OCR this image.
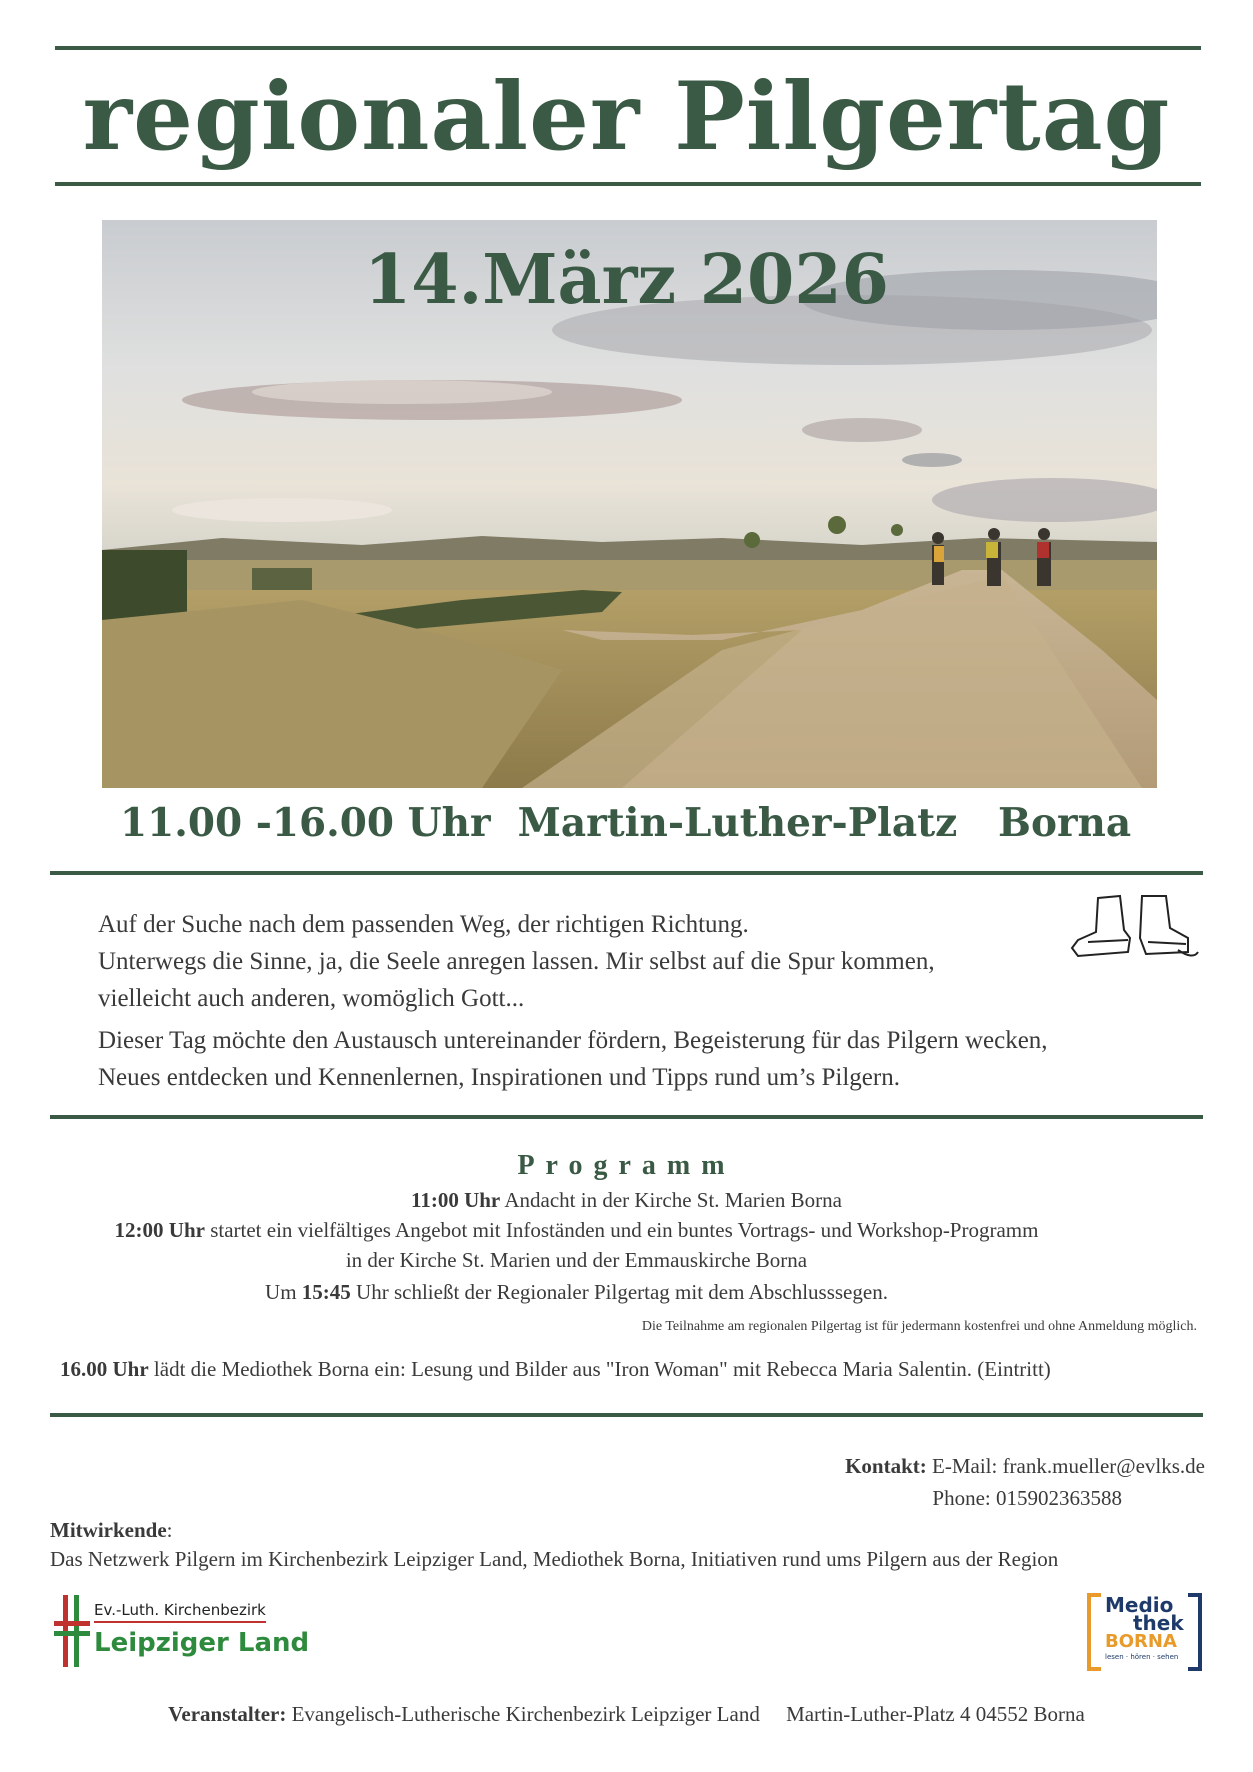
regionaler Pilgertag
14.März 2026
11.00 -16.00 Uhr  Martin-Luther-Platz   Borna
Auf der Suche nach dem passenden Weg, der richtigen Richtung.
Unterwegs die Sinne, ja, die Seele anregen lassen. Mir selbst auf die Spur kommen,
vielleicht auch anderen, womöglich Gott...
Dieser Tag möchte den Austausch untereinander fördern, Begeisterung für das Pilgern wecken,
Neues entdecken und Kennenlernen, Inspirationen und Tipps rund um’s Pilgern.
Programm
11:00 Uhr Andacht in der Kirche St. Marien Borna
12:00 Uhr startet ein vielfältiges Angebot mit Infoständen und ein buntes Vortrags- und Workshop-Programm
in der Kirche St. Marien und der Emmauskirche Borna
Um 15:45 Uhr schließt der Regionaler Pilgertag mit dem Abschlusssegen.
Die Teilnahme am regionalen Pilgertag ist für jedermann kostenfrei und ohne Anmeldung möglich.
16.00 Uhr lädt die Mediothek Borna ein: Lesung und Bilder aus "Iron Woman" mit Rebecca Maria Salentin. (Eintritt)
Kontakt: E-Mail: frank.mueller@evlks.de
Phone: 015902363588
Mitwirkende:
Das Netzwerk Pilgern im Kirchenbezirk Leipziger Land, Mediothek Borna, Initiativen rund ums Pilgern aus der Region
Ev.-Luth. Kirchenbezirk
Leipziger Land
Medio
thek
BORNA
lesen · hören · sehen
Veranstalter: Evangelisch-Lutherische Kirchenbezirk Leipziger Land     Martin-Luther-Platz 4 04552 Borna
